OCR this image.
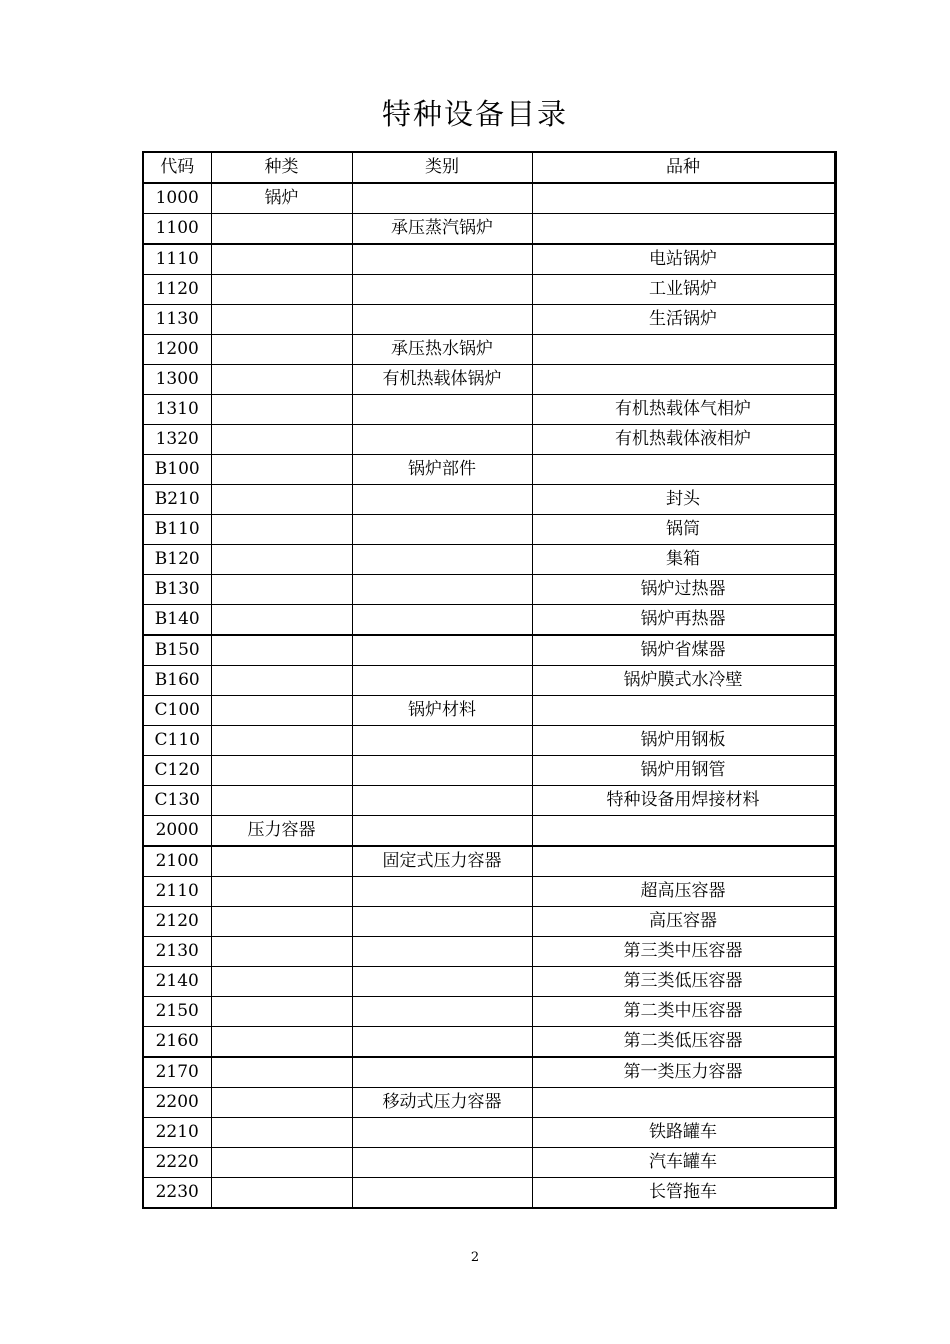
特种设备目录
代码	种类	类别	品种
1000	锅炉		
1100		承压蒸汽锅炉	
1110			电站锅炉
1120			工业锅炉
1130			生活锅炉
1200		承压热水锅炉	
1300		有机热载体锅炉	
1310			有机热载体气相炉
1320			有机热载体液相炉
B100		锅炉部件	
B210			封头
B110			锅筒
B120			集箱
B130			锅炉过热器
B140			锅炉再热器
B150			锅炉省煤器
B160			锅炉膜式水冷壁
C100		锅炉材料	
C110			锅炉用钢板
C120			锅炉用钢管
C130			特种设备用焊接材料
2000	压力容器		
2100		固定式压力容器	
2110			超高压容器
2120			高压容器
2130			第三类中压容器
2140			第三类低压容器
2150			第二类中压容器
2160			第二类低压容器
2170			第一类压力容器
2200		移动式压力容器	
2210			铁路罐车
2220			汽车罐车
2230			长管拖车
2
